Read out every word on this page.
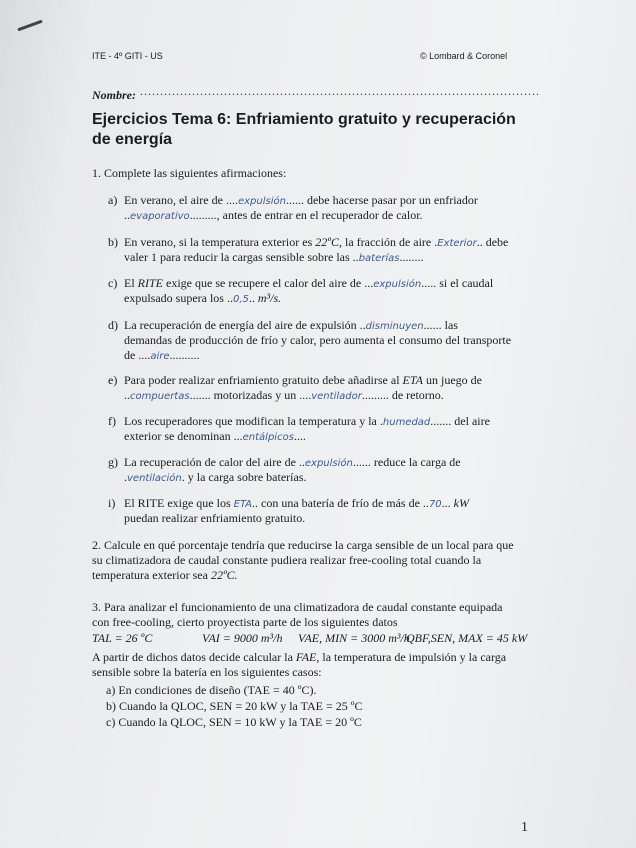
ITE - 4º GITI - US	© Lombard & Coronel
Nombre: ....................................................................................................
Ejercicios Tema 6: Enfriamiento gratuito y recuperación de energía
1. Complete las siguientes afirmaciones:
a) En verano, el aire de ....expulsión...... debe hacerse pasar por un enfriador
..evaporativo........., antes de entrar en el recuperador de calor.
b) En verano, si la temperatura exterior es 22ºC, la fracción de aire .Exterior.. debe
valer 1 para reducir la cargas sensible sobre las ..baterías........
c) El RITE exige que se recupere el calor del aire de ...expulsión..... si el caudal
expulsado supera los ..0,5.. m³/s.
d) La recuperación de energía del aire de expulsión ..disminuyen...... las
demandas de producción de frío y calor, pero aumenta el consumo del transporte
de ....aire..........
e) Para poder realizar enfriamiento gratuito debe añadirse al ETA un juego de
..compuertas....... motorizadas y un ....ventilador......... de retorno.
f) Los recuperadores que modifican la temperatura y la .humedad....... del aire
exterior se denominan ...entálpicos....
g) La recuperación de calor del aire de ..expulsión...... reduce la carga de
.ventilación. y la carga sobre baterías.
i) El RITE exige que los ETA.. con una batería de frío de más de ..70... kW
puedan realizar enfriamiento gratuito.
2. Calcule en qué porcentaje tendría que reducirse la carga sensible de un local para que
su climatizadora de caudal constante pudiera realizar free-cooling total cuando la
temperatura exterior sea 22ºC.
3. Para analizar el funcionamiento de una climatizadora de caudal constante equipada
con free-cooling, cierto proyectista parte de los siguientes datos
TAL = 26 ºC	VAI = 9000 m³/h VAE, MIN = 3000 m³/h
QBF,SEN, MAX = 45 kW
A partir de dichos datos decide calcular la FAE, la temperatura de impulsión y la carga
sensible sobre la batería en los siguientes casos:
a) En condiciones de diseño (TAE = 40 ºC).
b) Cuando la QLOC, SEN = 20 kW y la TAE = 25 ºC
c) Cuando la QLOC, SEN = 10 kW y la TAE = 20 ºC
1
